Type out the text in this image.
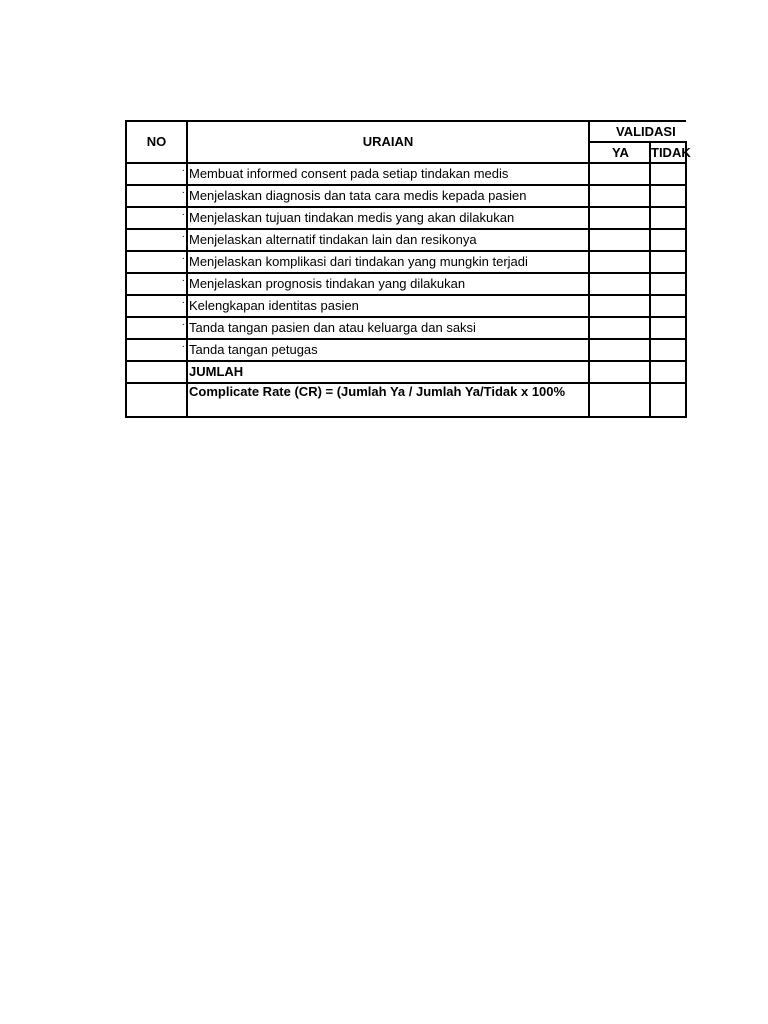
NO	URAIAN	VALIDASI	
		YA	TIDAK
·	Membuat informed consent pada setiap tindakan medis		
·	Menjelaskan diagnosis dan tata cara medis kepada pasien		
·	Menjelaskan tujuan tindakan medis yang akan dilakukan		
·	Menjelaskan alternatif tindakan lain dan resikonya		
·	Menjelaskan komplikasi dari tindakan yang mungkin terjadi		
·	Menjelaskan prognosis tindakan yang dilakukan		
·	Kelengkapan identitas pasien		
·	Tanda tangan pasien dan atau keluarga dan saksi		
·	Tanda tangan petugas		
	JUMLAH		
	Complicate Rate (CR) = (Jumlah Ya / Jumlah Ya/Tidak x 100%		
